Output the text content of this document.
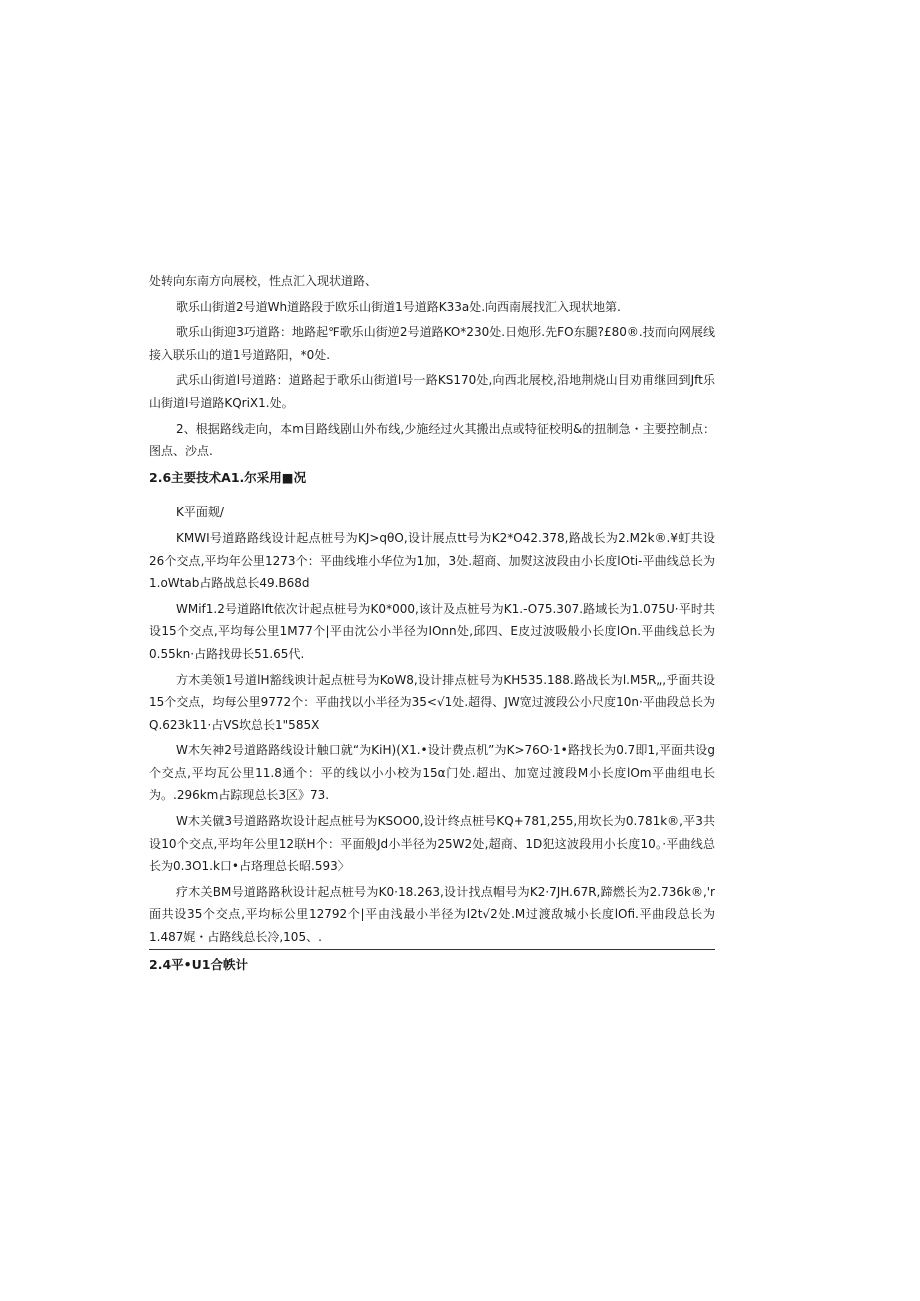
处转向东南方向展校，性点汇入现状道路、

歌乐山街道2号道Wh道路段于欧乐山街道1号道路K33a处.向西南展找汇入现状地第.

歌乐山街迎3巧道路：地路起℉歌乐山街逆2号道路KO*230处.日炮形.先FO东腿?£80®.技而向网展线接入联乐山的道1号道路阳，*0处.

武乐山街道l号道路：道路起于歌乐山街道l号一路KS170处,向西北展校,沿地荆烧山目劝甫继回到Jft乐山街道l号道路KQriX1.处。

2、根据路线走向，本m目路线剧山外布线,少施经过火其搬出点或特征校明&的扭制急・主要控制点：图点、沙点.

2.6主要技术A1.尔采用■况

K平面觌/

KMWI号道路路线设计起点桩号为KJ>qθO,设计展点tt号为K2*O42.378,路战长为2.M2k®.¥虰共设26个交点,平均年公里1273个：平曲线堆小华位为1加，3处.超商、加熨这波段由小长度lOti-平曲线总长为1.oWtab占路战总长49.B68d

WMif1.2号道路lft依次计起点桩号为K0*000,该计及点桩号为K1.-O75.307.路域长为1.075U·平时共设15个交点,平均每公里1M77个|平由沈公小半径为IOnn处,邱四、E皮过波吸般小长度lOn.平曲线总长为0.55kn·占路找毋长51.65代.

方木美领1号道lH豁线谀计起点桩号为KoW8,设计排点桩号为KH535.188.路战长为l.M5R„,乎面共设15个交点，均每公里9772个：平曲找以小半径为35<√1处.超得、JW宽过渡段公小尺度10n·平曲段总长为Q.623k11·占VS坎总长1"585X

W木矢神2号道路路线设计触口就“为KiH)(X1.•设计费点机”为K>76O·1•路找长为0.7即1,平面共设g个交点,平均瓦公里11.8通个：平的线以小小校为15α门处.超出、加宽过渡段M小长度lOm平曲组电长为。.296km占踪现总长3区》73.

W木关僦3号道路路坎设计起点桩号为KSOO0,设计终点桩号KQ+781,255,用坎长为0.781k®,平3共设10个交点,平均年公里12联H个：平面般Jd小半径为25W2处,超商、1D犯这波段用小长度10。·平曲线总长为0.3O1.k口•占珞理总长昭.593〉

疗木关BM号道路路秋设计起点桩号为K0·18.263,设计找点帽号为K2·7JH.67R,蹄燃长为2.736k®,'r面共设35个交点,平均标公里12792个|平由浅最小半径为l2t√2处.M过渡敌城小长度lOfi.平曲段总长为1.487娓・占路线总长冷,105、.

2.4平•U1合帙计
